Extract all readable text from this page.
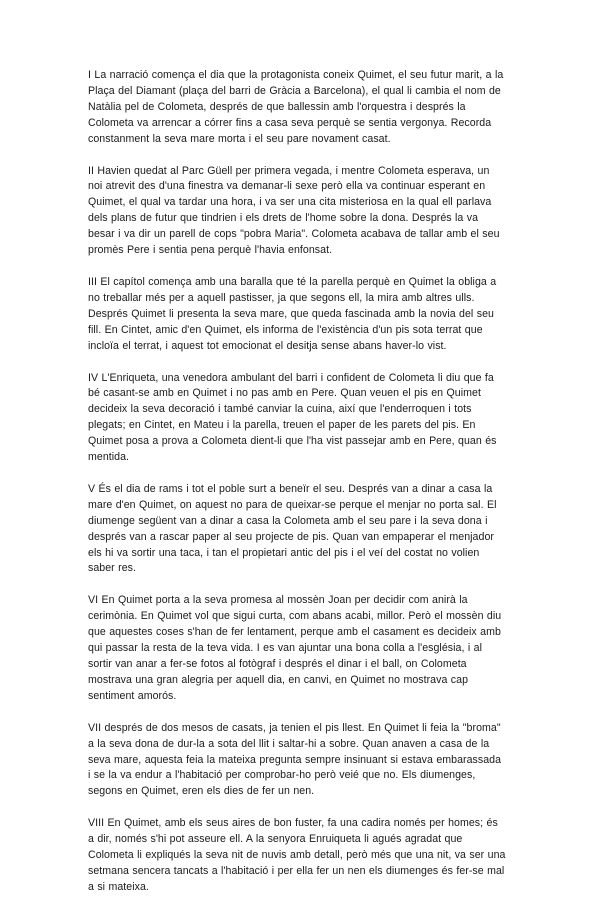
I La narració comença el dia que la protagonista coneix Quimet, el seu futur marit, a la Plaça del Diamant (plaça del barri de Gràcia a Barcelona), el qual li cambia el nom de Natàlia pel de Colometa, després de que ballessin amb l'orquestra i després la Colometa va arrencar a córrer fins a casa seva perquè se sentia vergonya. Recorda constanment la seva mare morta i el seu pare novament casat.

II Havien quedat al Parc Güell per primera vegada, i mentre Colometa esperava, un noi atrevit des d'una finestra va demanar-li sexe però ella va continuar esperant en Quimet, el qual va tardar una hora, i va ser una cita misteriosa en la qual ell parlava dels plans de futur que tindrien i els drets de l'home sobre la dona. Després la va besar i va dir un parell de cops "pobra Maria". Colometa acabava de tallar amb el seu promès Pere i sentia pena perquè l'havia enfonsat.

III El capítol comença amb una baralla que té la parella perquè en Quimet la obliga a no treballar més per a aquell pastisser, ja que segons ell, la mira amb altres ulls. Després Quimet li presenta la seva mare, que queda fascinada amb la novia del seu fill. En Cintet, amic d'en Quimet, els informa de l'existència d'un pis sota terrat que incloïa el terrat, i aquest tot emocionat el desitja sense abans haver-lo vist.

IV L'Enriqueta, una venedora ambulant del barri i confident de Colometa li diu que fa bé casant-se amb en Quimet i no pas amb en Pere. Quan veuen el pis en Quimet decideix la seva decoració i també canviar la cuina, així que l'enderroquen i tots plegats; en Cintet, en Mateu i la parella, treuen el paper de les parets del pis. En Quimet posa a prova a Colometa dient-li que l'ha vist passejar amb en Pere, quan és mentida.

V És el dia de rams i tot el poble surt a beneïr el seu. Després van a dinar a casa la mare d'en Quimet, on aquest no para de queixar-se perque el menjar no porta sal. El diumenge següent van a dinar a casa la Colometa amb el seu pare i la seva dona i després van a rascar paper al seu projecte de pis. Quan van empaperar el menjador els hi va sortir una taca, i tan el propietari antic del pis i el veí del costat no volien saber res.

VI En Quimet porta a la seva promesa al mossèn Joan per decidir com anirà la cerimònia. En Quimet vol que sigui curta, com abans acabi, millor. Però el mossèn diu que aquestes coses s'han de fer lentament, perque amb el casament es decideix amb qui passar la resta de la teva vida. I es van ajuntar una bona colla a l'església, i al sortir van anar a fer-se fotos al fotògraf i després el dinar i el ball, on Colometa mostrava una gran alegria per aquell dia, en canvi, en Quimet no mostrava cap sentiment amorós.

VII després de dos mesos de casats, ja tenien el pis llest. En Quimet li feia la "broma" a la seva dona de dur-la a sota del llit i saltar-hi a sobre. Quan anaven a casa de la seva mare, aquesta feia la mateixa pregunta sempre insinuant si estava embarassada i se la va endur a l'habitació per comprobar-ho però veié que no. Els diumenges, segons en Quimet, eren els dies de fer un nen.

VIII En Quimet, amb els seus aires de bon fuster, fa una cadira només per homes; és a dir, només s'hi pot asseure ell. A la senyora Enruiqueta li agués agradat que Colometa li expliqués la seva nit de nuvis amb detall, però més que una nit, va ser una setmana sencera tancats a l'habitació i per ella fer un nen els diumenges és fer-se mal a si mateixa.
